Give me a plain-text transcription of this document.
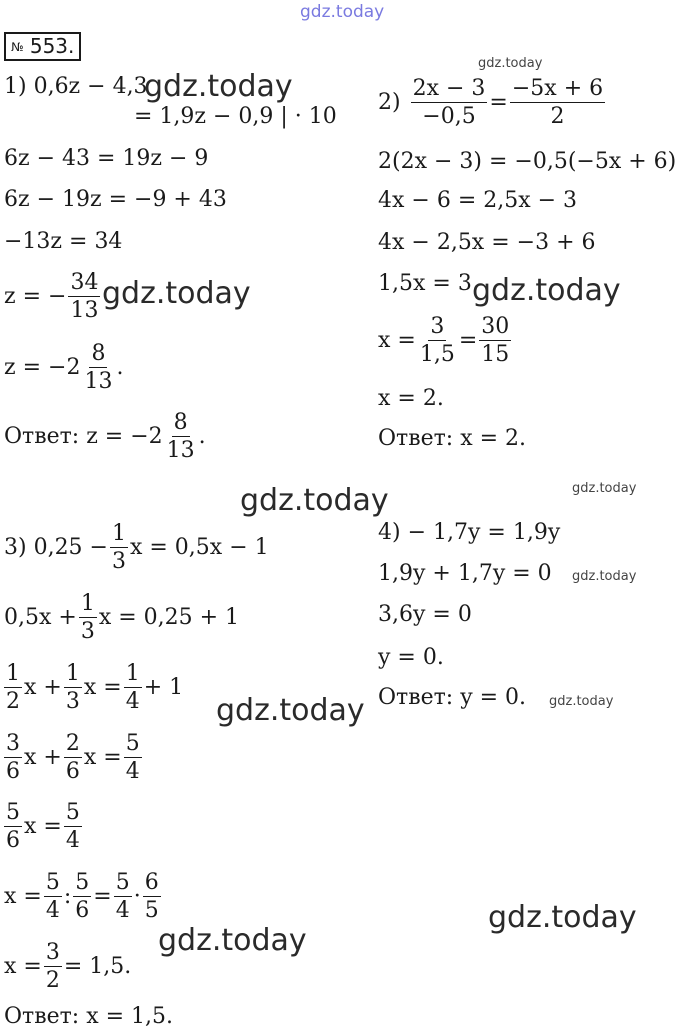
№ 553.
gdz.today
gdz.today
gdz.today
gdz.today	gdz.today
gdz.today
gdz.today
gdz.today
gdz.today
gdz.today
gdz.today
gdz.today
1) 0,6z − 4,3
= 1,9z − 0,9 | · 10
6z − 43 = 19z − 9
6z − 19z = −9 + 43
−13z = 34
z = − $\frac{34}{13}$
$z = -2 \frac{8}{13}$ .
Ответ: $z = -2 \frac{8}{13}$ .
$2) \frac{2x - 3}{-0,5} = \frac{-5x + 6}{2}$
2(2x − 3) = −0,5(−5x + 6)
4x − 6 = 2,5x − 3
4x − 2,5x = −3 + 6
1,5x = 3
$x = \frac{3}{1,5} = \frac{30}{15}$
x = 2.
Ответ: x = 2.
3) $0,25 - \frac{1}{3}$ x = 0,5x − 1
$0,5x + \frac{1}{3}$ x = 0,25 + 1
$\frac{1}{2}$ $x + \frac{1}{3}$ $x = \frac{1}{4} + 1$
$\frac{3}{6}$ $x + \frac{2}{6}$ $x = \frac{5}{4}$
$\frac{5}{6}$ $x = \frac{5}{4}$
$x = \frac{5}{4}$ : $\frac{5}{6} = \frac{5}{4} \cdot \frac{6}{5}$
$x = \frac{3}{2} = 1,5$.
Ответ: x = 1,5.
4) − 1,7y = 1,9y
1,9y + 1,7y = 0
3,6y = 0
y = 0.
Ответ: y = 0.
